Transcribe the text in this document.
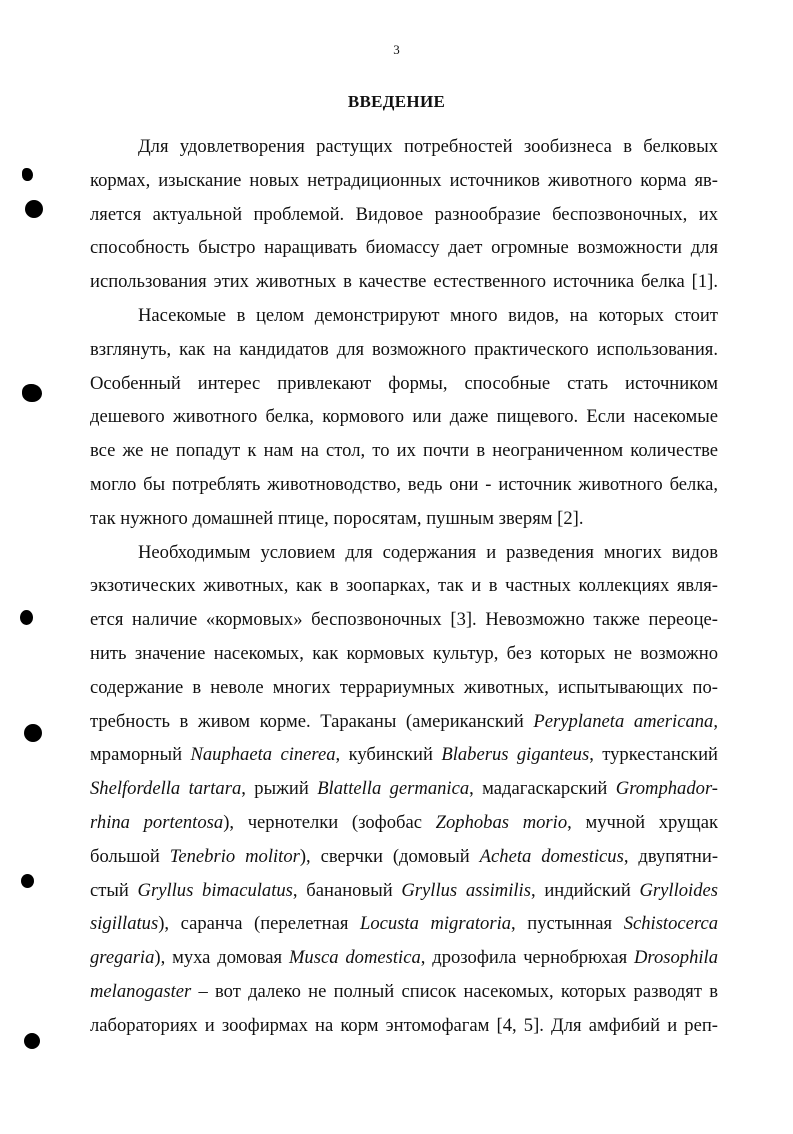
3
ВВЕДЕНИЕ
Для удовлетворения растущих потребностей зообизнеса в белковых
кормах, изыскание новых нетрадиционных источников животного корма яв-
ляется актуальной проблемой. Видовое разнообразие беспозвоночных, их
способность быстро наращивать биомассу дает огромные возможности для
использования этих животных в качестве естественного источника белка [1].
Насекомые в целом демонстрируют много видов, на которых стоит
взглянуть, как на кандидатов для возможного практического использования.
Особенный интерес привлекают формы, способные стать источником
дешевого животного белка, кормового или даже пищевого. Если насекомые
все же не попадут к нам на стол, то их почти в неограниченном количестве
могло бы потреблять животноводство, ведь они - источник животного белка,
так нужного домашней птице, поросятам, пушным зверям [2].
Необходимым условием для содержания и разведения многих видов
экзотических животных, как в зоопарках, так и в частных коллекциях явля-
ется наличие «кормовых» беспозвоночных [3]. Невозможно также переоце-
нить значение насекомых, как кормовых культур, без которых не возможно
содержание в неволе многих террариумных животных, испытывающих по-
требность в живом корме. Тараканы (американский Peryplaneta americana,
мраморный Nauphaeta cinerea, кубинский Blaberus giganteus, туркестанский
Shelfordella tartara, рыжий Blattella germanica, мадагаскарский Gromphador-
rhina portentosa), чернотелки (зофобас Zophobas morio, мучной хрущак
большой Tenebrio molitor), сверчки (домовый Acheta domesticus, двупятни-
стый Gryllus bimaculatus, банановый Gryllus assimilis, индийский Grylloides
sigillatus), саранча (перелетная Locusta migratoria, пустынная Schistocerca
gregaria), муха домовая Musca domestica, дрозофила чернобрюхая Drosophila
melanogaster – вот далеко не полный список насекомых, которых разводят в
лабораториях и зоофирмах на корм энтомофагам [4, 5]. Для амфибий и реп-
